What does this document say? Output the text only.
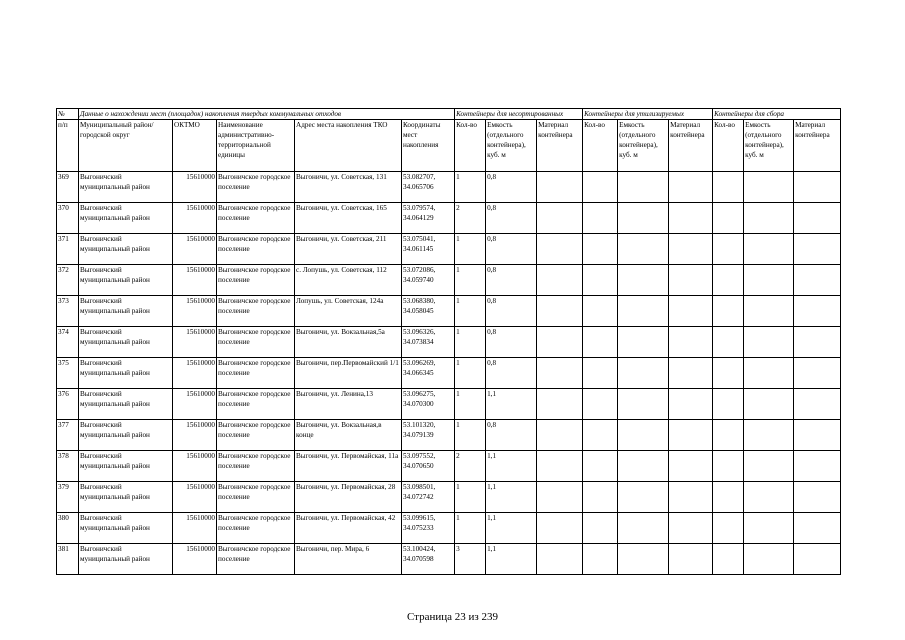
№	Данные о нахождении мест (площадок) накопления твердых коммунальных отходов					Контейнеры для несортированных			Контейнеры для утилизируемых			Контейнеры для сбора		
п/п	Муниципальный район/городской округ	ОКТМО	Наименование административно-территориальной единицы	Адрес места накопления ТКО	Координаты мест накопления	Кол-во	Емкость (отдельного контейнера), куб. м	Материал контейнера	Кол-во	Емкость (отдельного контейнера), куб. м	Материал контейнера	Кол-во	Емкость (отдельного контейнера), куб. м	Материал контейнера
369	Выгоничский муниципальный район	15610000	Выгоничское городское поселение	Выгоничи, ул. Советская, 131	53.082707, 34.065706	1	0,8							
370	Выгоничский муниципальный район	15610000	Выгоничское городское поселение	Выгоничи, ул. Советская, 165	53.079574, 34.064129	2	0,8							
371	Выгоничский муниципальный район	15610000	Выгоничское городское поселение	Выгоничи, ул. Советская, 211	53.075041, 34.061145	1	0,8							
372	Выгоничский муниципальный район	15610000	Выгоничское городское поселение	с. Лопушь, ул. Советская, 112	53.072086, 34.059740	1	0,8							
373	Выгоничский муниципальный район	15610000	Выгоничское городское поселение	Лопушь, ул. Советская, 124а	53.068380, 34.058045	1	0,8							
374	Выгоничский муниципальный район	15610000	Выгоничское городское поселение	Выгоничи, ул. Вокзальная,5а	53.096326, 34.073834	1	0,8							
375	Выгоничский муниципальный район	15610000	Выгоничское городское поселение	Выгоничи, пер.Первомайский 1/1	53.096269, 34.066345	1	0,8							
376	Выгоничский муниципальный район	15610000	Выгоничское городское поселение	Выгоничи, ул. Ленина,13	53.096275, 34.070300	1	1,1							
377	Выгоничский муниципальный район	15610000	Выгоничское городское поселение	Выгоничи, ул. Вокзальная,в конце	53.101320, 34.079139	1	0,8							
378	Выгоничский муниципальный район	15610000	Выгоничское городское поселение	Выгоничи, ул. Первомайская, 11а	53.097552, 34.070650	2	1,1							
379	Выгоничский муниципальный район	15610000	Выгоничское городское поселение	Выгоничи, ул. Первомайская, 28	53.098501, 34.072742	1	1,1							
380	Выгоничский муниципальный район	15610000	Выгоничское городское поселение	Выгоничи, ул. Первомайская, 42	53.099615, 34.075233	1	1,1							
381	Выгоничский муниципальный район	15610000	Выгоничское городское поселение	Выгоничи, пер. Мира, 6	53.100424, 34.070598	3	1,1							
Страница 23 из 239
